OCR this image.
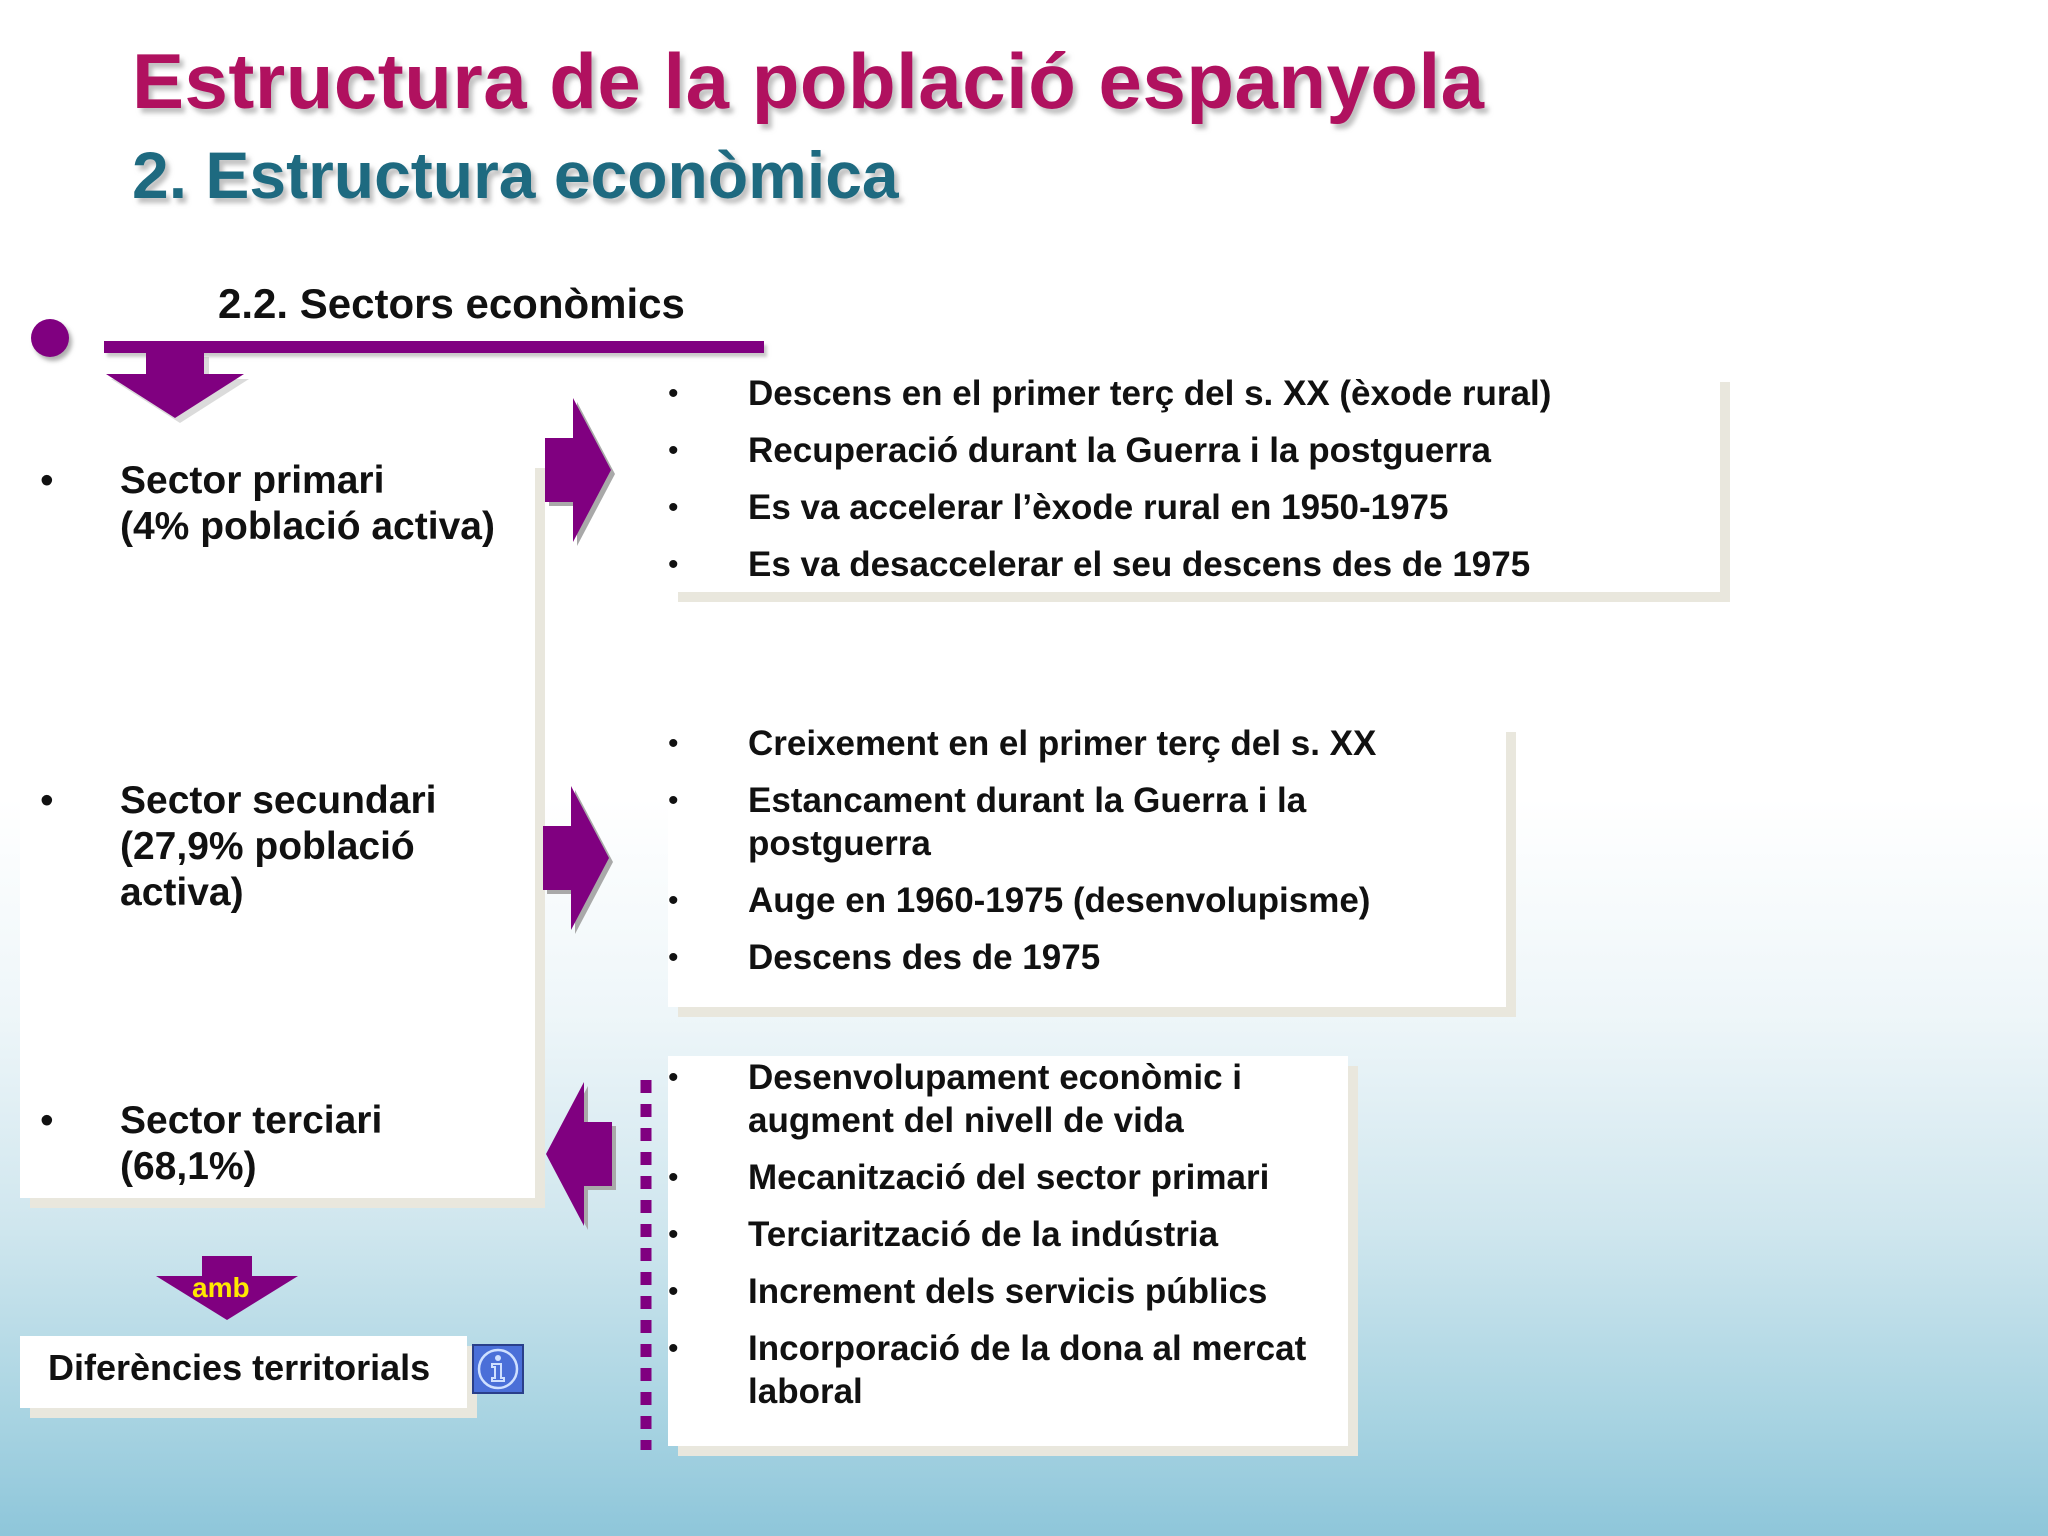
Estructura de la població espanyola
2. Estructura econòmica
2.2. Sectors econòmics
• Sector primari
(4% població activa)
• Sector secundari
(27,9% població
activa)
• Sector terciari
(68,1%)
• Descens en el primer terç del s. XX (èxode rural)
• Recuperació durant la Guerra i la postguerra
• Es va accelerar l’èxode rural en 1950-1975
• Es va desaccelerar el seu descens des de 1975
• Creixement en el primer terç del s. XX
• Estancament durant la Guerra i la postguerra
• Auge en 1960-1975 (desenvolupisme)
• Descens des de 1975
• Desenvolupament econòmic i augment del nivell de vida
• Mecanització del sector primari
• Terciarització de la indústria
• Increment dels servicis públics
• Incorporació de la dona al mercat laboral
amb
Diferències territorials
